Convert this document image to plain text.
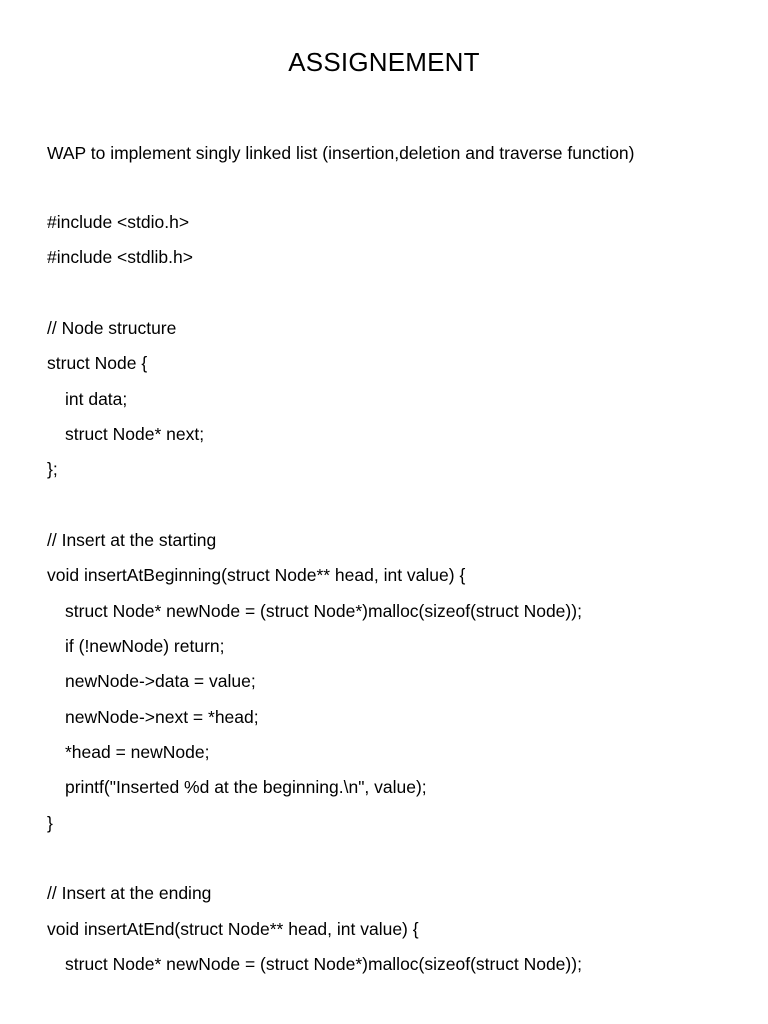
ASSIGNEMENT
WAP to implement singly linked list (insertion,deletion and traverse function)
#include <stdio.h>
#include <stdlib.h>
// Node structure
struct Node {
int data;
struct Node* next;
};
// Insert at the starting
void insertAtBeginning(struct Node** head, int value) {
struct Node* newNode = (struct Node*)malloc(sizeof(struct Node));
if (!newNode) return;
newNode->data = value;
newNode->next = *head;
*head = newNode;
printf("Inserted %d at the beginning.\n", value);
}
// Insert at the ending
void insertAtEnd(struct Node** head, int value) {
struct Node* newNode = (struct Node*)malloc(sizeof(struct Node));
